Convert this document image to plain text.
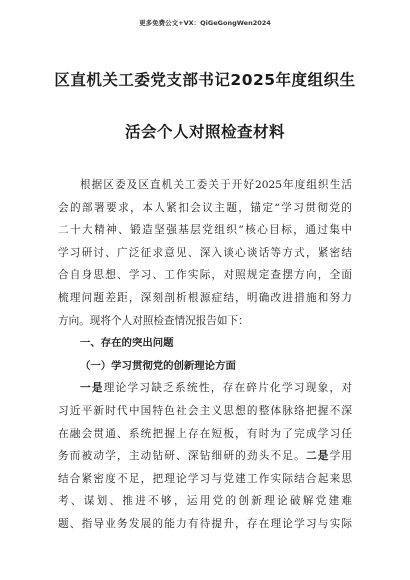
更多免费公文+VX：QiGeGongWen2024
区直机关工委党支部书记2025年度组织生
活会个人对照检查材料
根据区委及区直机关工委关于开好2025年度组织生活
会的部署要求，本人紧扣会议主题，锚定“学习贯彻党的
二十大精神、锻造坚强基层党组织”核心目标，通过集中
学习研讨、广泛征求意见、深入谈心谈话等方式，紧密结
合自身思想、学习、工作实际，对照规定查摆方向，全面
梳理问题差距，深刻剖析根源症结，明确改进措施和努力
方向。现将个人对照检查情况报告如下：
一、存在的突出问题
（一）学习贯彻党的创新理论方面
一是理论学习缺乏系统性，存在碎片化学习现象，对
习近平新时代中国特色社会主义思想的整体脉络把握不深
在融会贯通、系统把握上存在短板，有时为了完成学习任
务而被动学，主动钻研、深钻细研的劲头不足。二是学用
结合紧密度不足，把理论学习与党建工作实际结合起来思
考、谋划、推进不够，运用党的创新理论破解党建难
题、指导业务发展的能力有待提升，存在理论学习与实际
